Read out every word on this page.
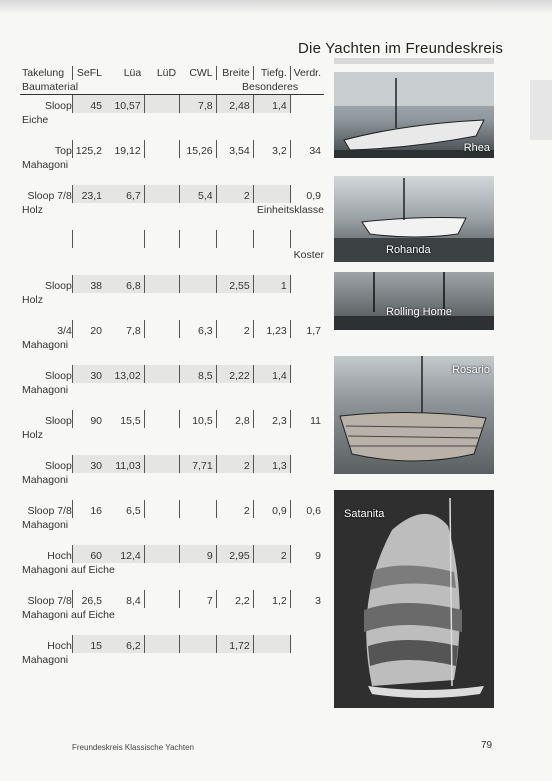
Die Yachten im Freundeskreis
Takelung	SeFL	Lüa	LüD	CWL	Breite	Tiefg.	Verdr.
Baumaterial					Besonderes		
Sloop	45	10,57		7,8	2,48	1,4	
Eiche							

Top	125,2	19,12		15,26	3,54	3,2	34
Mahagoni							

Sloop 7/8	23,1	6,7		5,4	2		0,9
Holz					Einheitsklasse		

					Koster		

Sloop	38	6,8			2,55	1	
Holz							

3/4	20	7,8		6,3	2	1,23	1,7
Mahagoni							

Sloop	30	13,02		8,5	2,22	1,4	
Mahagoni							

Sloop	90	15,5		10,5	2,8	2,3	11
Holz							

Sloop	30	11,03		7,71	2	1,3	
Mahagoni							

Sloop 7/8	16	6,5			2	0,9	0,6
Mahagoni							

Hoch	60	12,4		9	2,95	2	9
Mahagoni auf Eiche							

Sloop 7/8	26,5	8,4		7	2,2	1,2	3
Mahagoni auf Eiche							

Hoch	15	6,2			1,72		
Mahagoni							

Rhea
Rohanda
Rolling Home
Rosario
Satanita
Freundeskreis Klassische Yachten	79
